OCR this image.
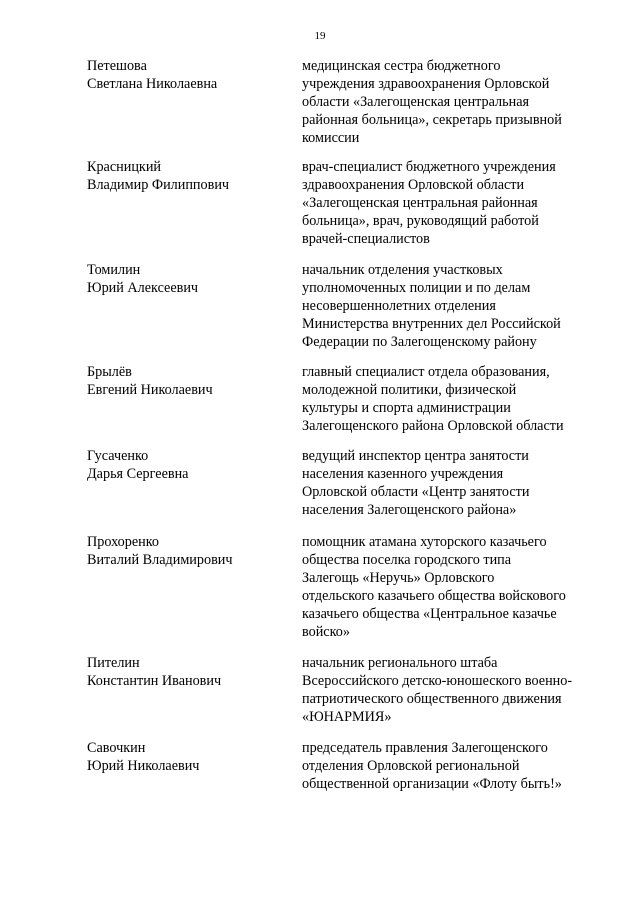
19
Петешова
Светлана Николаевна
медицинская сестра бюджетного
учреждения здравоохранения Орловской
области «Залегощенская центральная
районная больница», секретарь призывной
комиссии
Красницкий
Владимир Филиппович
врач-специалист бюджетного учреждения
здравоохранения Орловской области
«Залегощенская центральная районная
больница», врач, руководящий работой
врачей-специалистов
Томилин
Юрий Алексеевич
начальник отделения участковых
уполномоченных полиции и по делам
несовершеннолетних отделения
Министерства внутренних дел Российской
Федерации по Залегощенскому району
Брылёв
Евгений Николаевич
главный специалист отдела образования,
молодежной политики, физической
культуры и спорта администрации
Залегощенского района Орловской области
Гусаченко
Дарья Сергеевна
ведущий инспектор центра занятости
населения казенного учреждения
Орловской области «Центр занятости
населения Залегощенского района»
Прохоренко
Виталий Владимирович
помощник атамана хуторского казачьего
общества поселка городского типа
Залегощь «Неручь» Орловского
отдельского казачьего общества войскового
казачьего общества «Центральное казачье
войско»
Пителин
Константин Иванович
начальник регионального штаба
Всероссийского детско-юношеского военно-
патриотического общественного движения
«ЮНАРМИЯ»
Савочкин
Юрий Николаевич
председатель правления Залегощенского
отделения Орловской региональной
общественной организации «Флоту быть!»
